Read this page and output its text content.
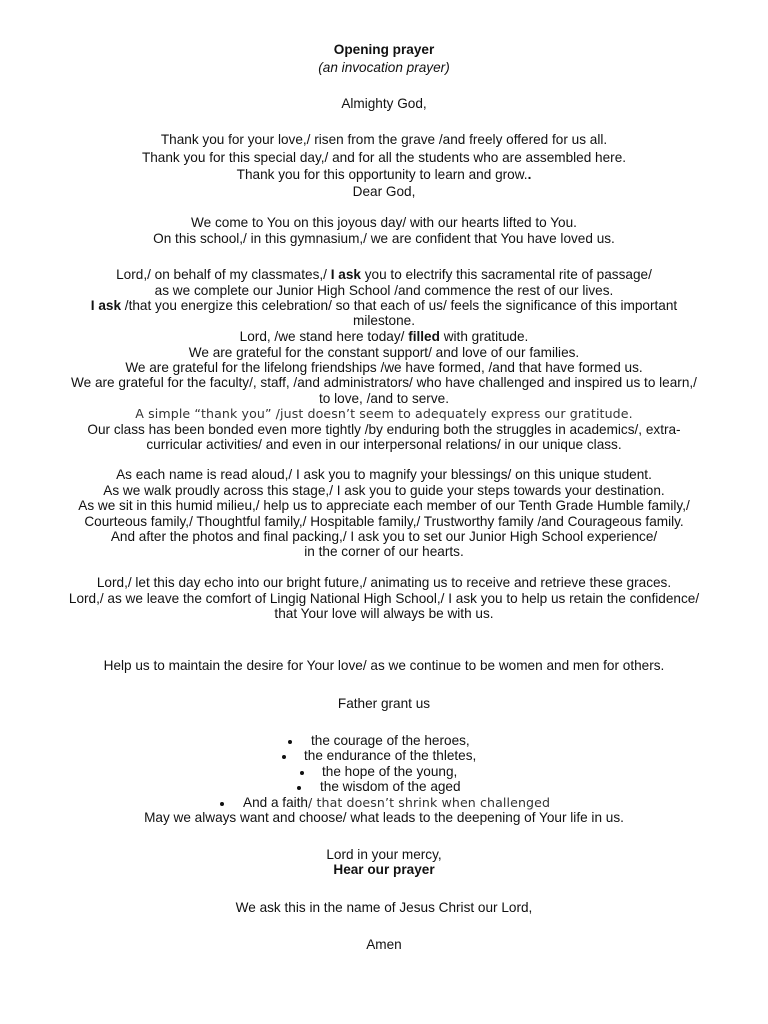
Opening prayer

(an invocation prayer)

Almighty God,

Thank you for your love,/ risen from the grave /and freely offered for us all.

Thank you for this special day,/ and for all the students who are assembled here.

Thank you for this opportunity to learn and grow..

Dear God,

We come to You on this joyous day/ with our hearts lifted to You.

On this school,/ in this gymnasium,/ we are confident that You have loved us.

Lord,/ on behalf of my classmates,/ I ask you to electrify this sacramental rite of passage/

as we complete our Junior High School /and commence the rest of our lives.

I ask /that you energize this celebration/ so that each of us/ feels the significance of this important

milestone.

Lord, /we stand here today/ filled with gratitude.

We are grateful for the constant support/ and love of our families.

We are grateful for the lifelong friendships /we have formed, /and that have formed us.

We are grateful for the faculty/, staff, /and administrators/ who have challenged and inspired us to learn,/

to love, /and to serve.

A simple “thank you” /just doesn’t seem to adequately express our gratitude.

Our class has been bonded even more tightly /by enduring both the struggles in academics/, extra-

curricular activities/ and even in our interpersonal relations/ in our unique class.

As each name is read aloud,/ I ask you to magnify your blessings/ on this unique student.

As we walk proudly across this stage,/ I ask you to guide your steps towards your destination.

As we sit in this humid milieu,/ help us to appreciate each member of our Tenth Grade Humble family,/

Courteous family,/ Thoughtful family,/ Hospitable family,/ Trustworthy family /and Courageous family.

And after the photos and final packing,/ I ask you to set our Junior High School experience/

in the corner of our hearts.

Lord,/ let this day echo into our bright future,/ animating us to receive and retrieve these graces.

Lord,/ as we leave the comfort of Lingig National High School,/ I ask you to help us retain the confidence/

that Your love will always be with us.

Help us to maintain the desire for Your love/ as we continue to be women and men for others.

Father grant us

the courage of the heroes,
the endurance of the thletes,
the hope of the young,
the wisdom of the aged
And a faith/ that doesn’t shrink when challenged

May we always want and choose/ what leads to the deepening of Your life in us.

Lord in your mercy,

Hear our prayer

We ask this in the name of Jesus Christ our Lord,

Amen
